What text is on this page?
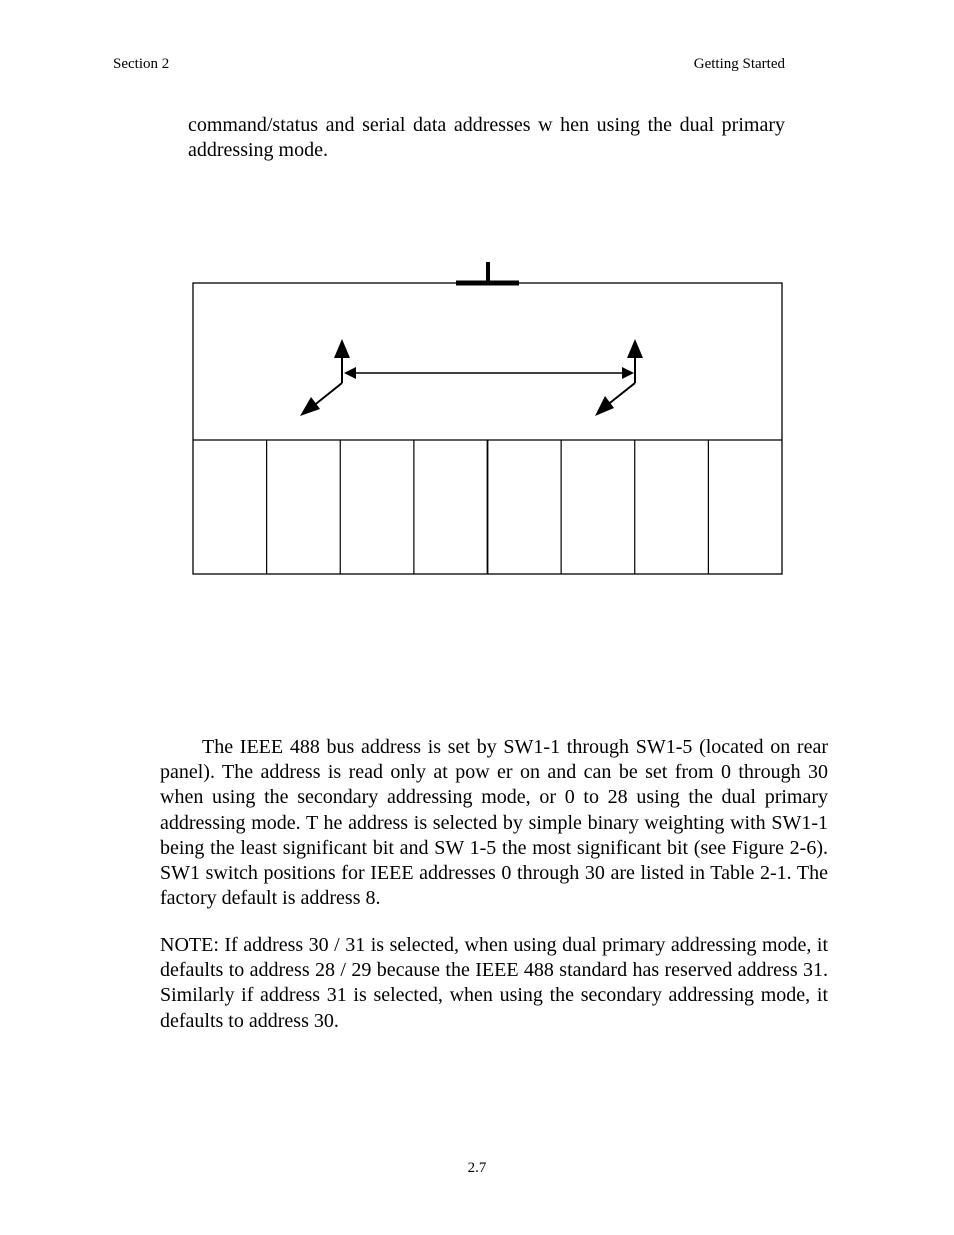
Section 2	Getting Started

command/status and serial data addresses w hen using the dual primary addressing mode.

The IEEE 488 bus address is set by SW1-1 through SW1-5 (located on rear panel). The address is read only at pow er on and can be set from 0 through 30 when using the secondary addressing mode, or 0 to 28 using the dual primary addressing mode. T he address is selected by simple binary weighting with SW1-1 being the least significant bit and SW 1-5 the most significant bit (see Figure 2-6). SW1 switch positions for IEEE addresses 0 through 30 are listed in Table 2-1. The factory default is address 8.

NOTE: If address 30 / 31 is selected, when using dual primary addressing mode, it defaults to address 28 / 29 because the IEEE 488 standard has reserved address 31. Similarly if address 31 is selected, when using the secondary addressing mode, it defaults to address 30.

2.7
